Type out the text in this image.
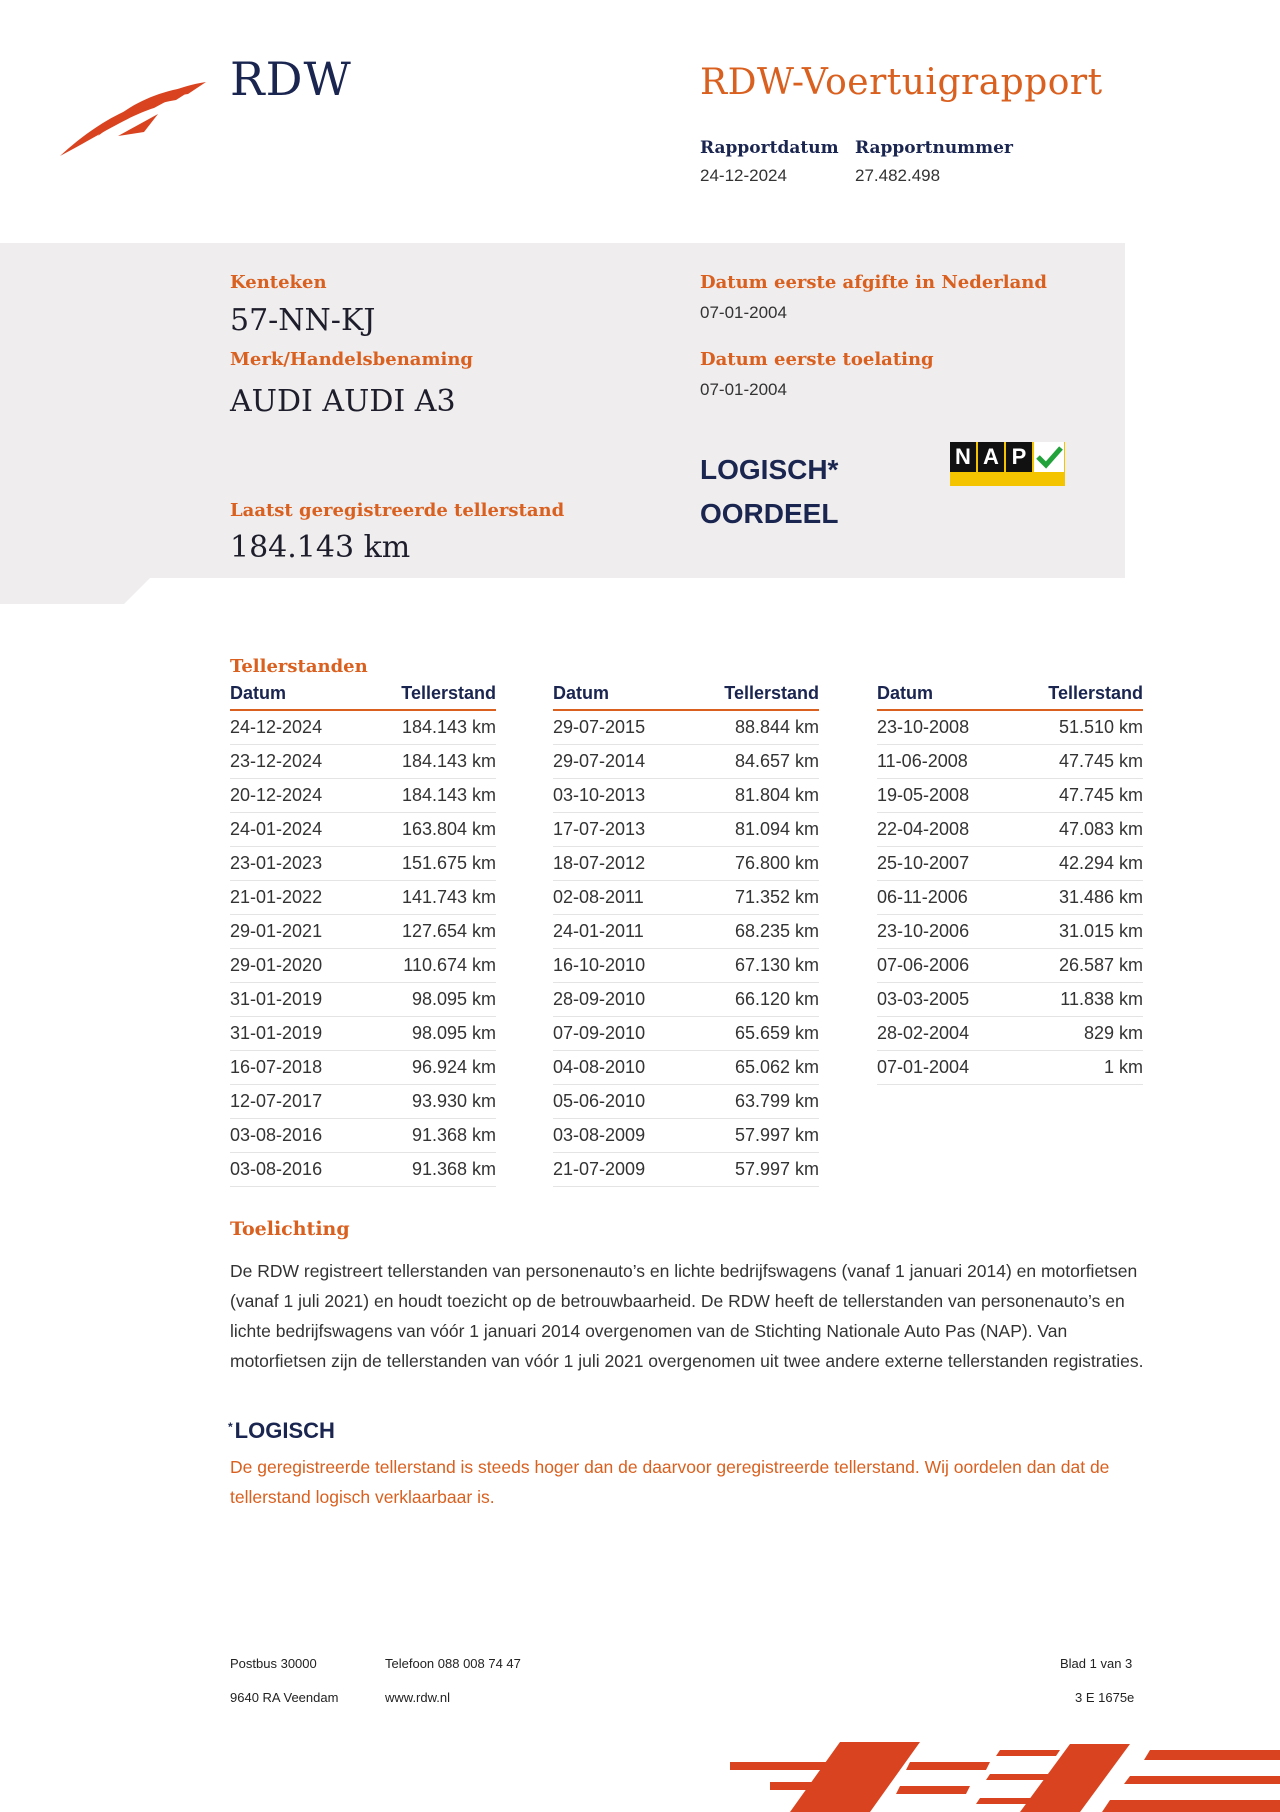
RDW	RDW-Voertuigrapport
Rapportdatum
24-12-2024
Rapportnummer
27.482.498
Kenteken
57-NN-KJ
Merk/Handelsbenaming
AUDI AUDI A3
Laatst geregistreerde tellerstand
184.143 km
Datum eerste afgifte in Nederland
07-01-2004
Datum eerste toelating
07-01-2004
LOGISCH*
OORDEEL
N A P
Tellerstanden
Datum	Tellerstand
24-12-2024	184.143 km
23-12-2024	184.143 km
20-12-2024	184.143 km
24-01-2024	163.804 km
23-01-2023	151.675 km
21-01-2022	141.743 km
29-01-2021	127.654 km
29-01-2020	110.674 km
31-01-2019	98.095 km
31-01-2019	98.095 km
16-07-2018	96.924 km
12-07-2017	93.930 km
03-08-2016	91.368 km
03-08-2016	91.368 km
Datum	Tellerstand
29-07-2015	88.844 km
29-07-2014	84.657 km
03-10-2013	81.804 km
17-07-2013	81.094 km
18-07-2012	76.800 km
02-08-2011	71.352 km
24-01-2011	68.235 km
16-10-2010	67.130 km
28-09-2010	66.120 km
07-09-2010	65.659 km
04-08-2010	65.062 km
05-06-2010	63.799 km
03-08-2009	57.997 km
21-07-2009	57.997 km
Datum	Tellerstand
23-10-2008	51.510 km
11-06-2008	47.745 km
19-05-2008	47.745 km
22-04-2008	47.083 km
25-10-2007	42.294 km
06-11-2006	31.486 km
23-10-2006	31.015 km
07-06-2006	26.587 km
03-03-2005	11.838 km
28-02-2004	829 km
07-01-2004	1 km
Toelichting
De RDW registreert tellerstanden van personenauto’s en lichte bedrijfswagens (vanaf 1 januari 2014) en motorfietsen (vanaf 1 juli 2021) en houdt toezicht op de betrouwbaarheid. De RDW heeft de tellerstanden van personenauto’s en lichte bedrijfswagens van vóór 1 januari 2014 overgenomen van de Stichting Nationale Auto Pas (NAP). Van motorfietsen zijn de tellerstanden van vóór 1 juli 2021 overgenomen uit twee andere externe tellerstanden registraties.
*LOGISCH
De geregistreerde tellerstand is steeds hoger dan de daarvoor geregistreerde tellerstand. Wij oordelen dan dat de tellerstand logisch verklaarbaar is.
Postbus 30000
9640 RA Veendam
Telefoon 088 008 74 47
www.rdw.nl
Blad 1 van 3
3 E 1675e
